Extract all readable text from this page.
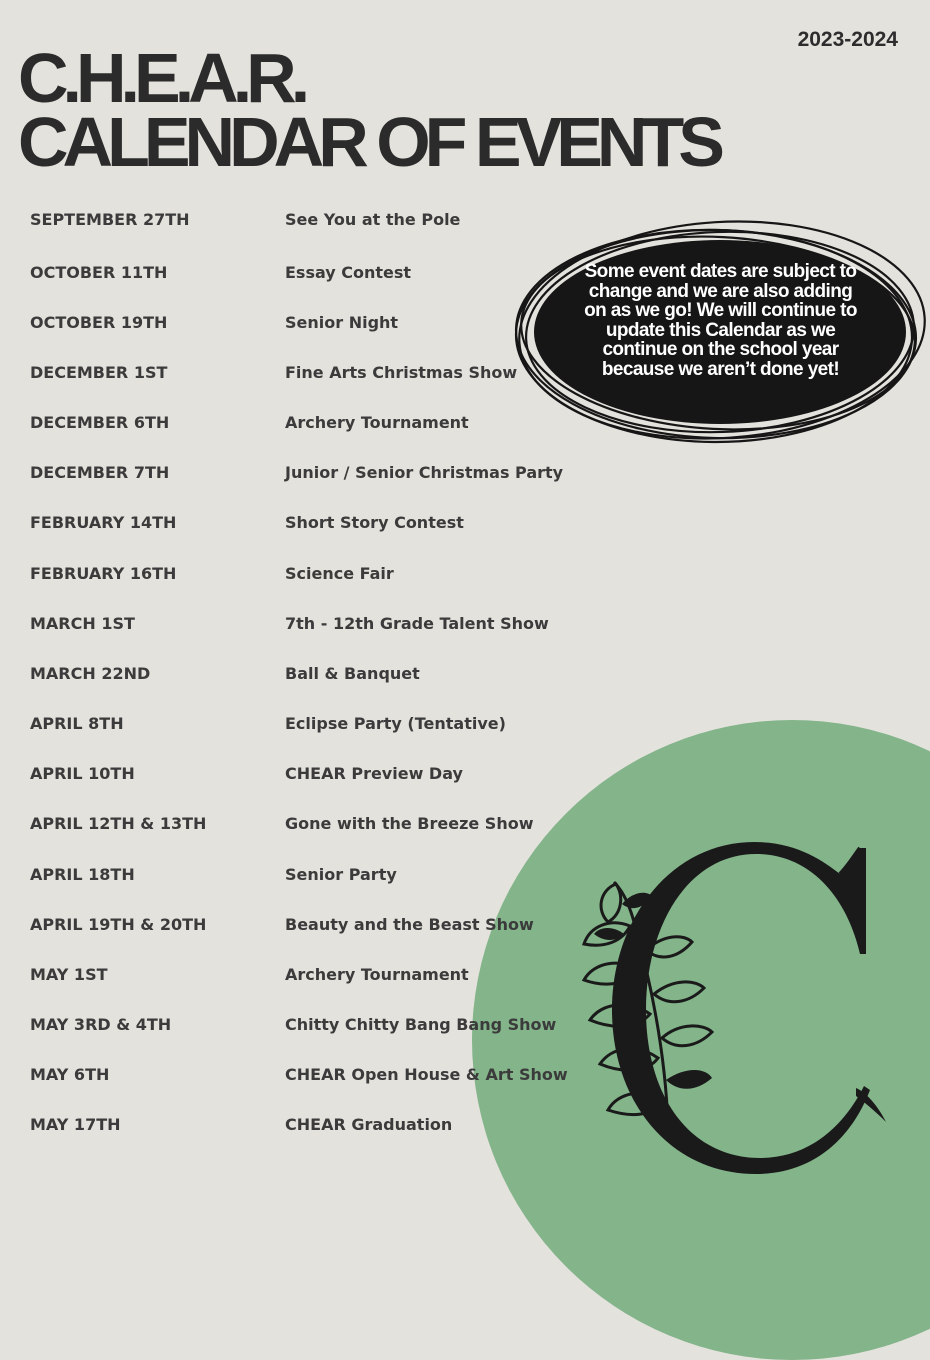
2023-2024
C.H.E.A.R.
CALENDAR OF EVENTS
SEPTEMBER 27TH	See You at the Pole
OCTOBER 11TH	Essay Contest
OCTOBER 19TH	Senior Night
DECEMBER 1ST	Fine Arts Christmas Show
DECEMBER 6TH	Archery Tournament
DECEMBER 7TH	Junior / Senior Christmas Party
FEBRUARY 14TH	Short Story Contest
FEBRUARY 16TH	Science Fair
MARCH 1ST	7th - 12th Grade Talent Show
MARCH 22ND	Ball & Banquet
APRIL 8TH	Eclipse Party (Tentative)
APRIL 10TH	CHEAR Preview Day
APRIL 12TH & 13TH	Gone with the Breeze Show
APRIL 18TH	Senior Party
APRIL 19TH & 20TH	Beauty and the Beast Show
MAY 1ST	Archery Tournament
MAY 3RD & 4TH	Chitty Chitty Bang Bang Show
MAY 6TH	CHEAR Open House & Art Show
MAY 17TH	CHEAR Graduation
Some event dates are subject to change and we are also adding on as we go! We will continue to update this Calendar as we continue on the school year because we aren’t done yet!
